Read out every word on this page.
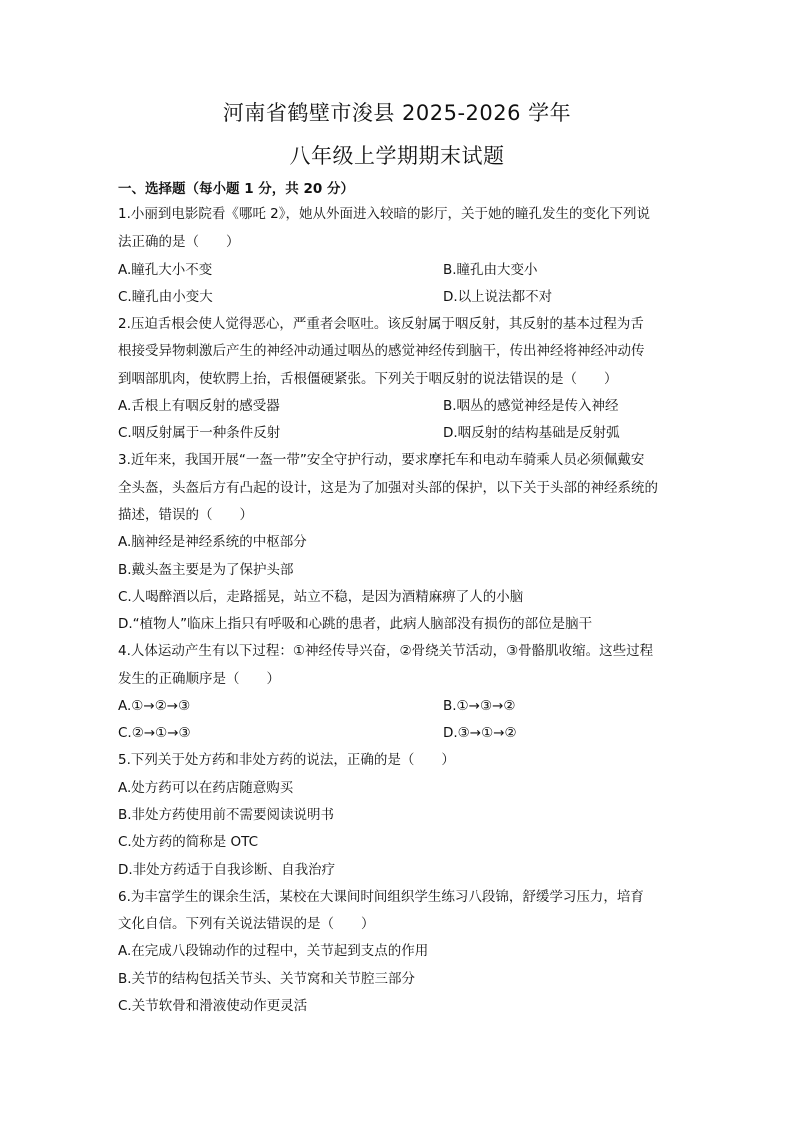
河南省鹤壁市浚县 2025-2026 学年
八年级上学期期末试题
一、选择题（每小题 1 分，共 20 分）
1.小丽到电影院看《哪吒 2》，她从外面进入较暗的影厅，关于她的瞳孔发生的变化下列说
法正确的是（　　）
A.瞳孔大小不变	B.瞳孔由大变小
C.瞳孔由小变大	D.以上说法都不对
2.压迫舌根会使人觉得恶心，严重者会呕吐。该反射属于咽反射，其反射的基本过程为舌
根接受异物刺激后产生的神经冲动通过咽丛的感觉神经传到脑干，传出神经将神经冲动传
到咽部肌肉，使软腭上抬，舌根僵硬紧张。下列关于咽反射的说法错误的是（　　）
A.舌根上有咽反射的感受器	B.咽丛的感觉神经是传入神经
C.咽反射属于一种条件反射	D.咽反射的结构基础是反射弧
3.近年来，我国开展“一盔一带”安全守护行动，要求摩托车和电动车骑乘人员必须佩戴安
全头盔，头盔后方有凸起的设计，这是为了加强对头部的保护，以下关于头部的神经系统的
描述，错误的（　　）
A.脑神经是神经系统的中枢部分
B.戴头盔主要是为了保护头部
C.人喝醉酒以后，走路摇晃，站立不稳，是因为酒精麻痹了人的小脑
D.“植物人”临床上指只有呼吸和心跳的患者，此病人脑部没有损伤的部位是脑干
4.人体运动产生有以下过程：①神经传导兴奋，②骨绕关节活动，③骨骼肌收缩。这些过程
发生的正确顺序是（　　）
A.①→②→③	B.①→③→②
C.②→①→③	D.③→①→②
5.下列关于处方药和非处方药的说法，正确的是（　　）
A.处方药可以在药店随意购买
B.非处方药使用前不需要阅读说明书
C.处方药的简称是 OTC
D.非处方药适于自我诊断、自我治疗
6.为丰富学生的课余生活，某校在大课间时间组织学生练习八段锦，舒缓学习压力，培育
文化自信。下列有关说法错误的是（　　）
A.在完成八段锦动作的过程中，关节起到支点的作用
B.关节的结构包括关节头、关节窝和关节腔三部分
C.关节软骨和滑液使动作更灵活
